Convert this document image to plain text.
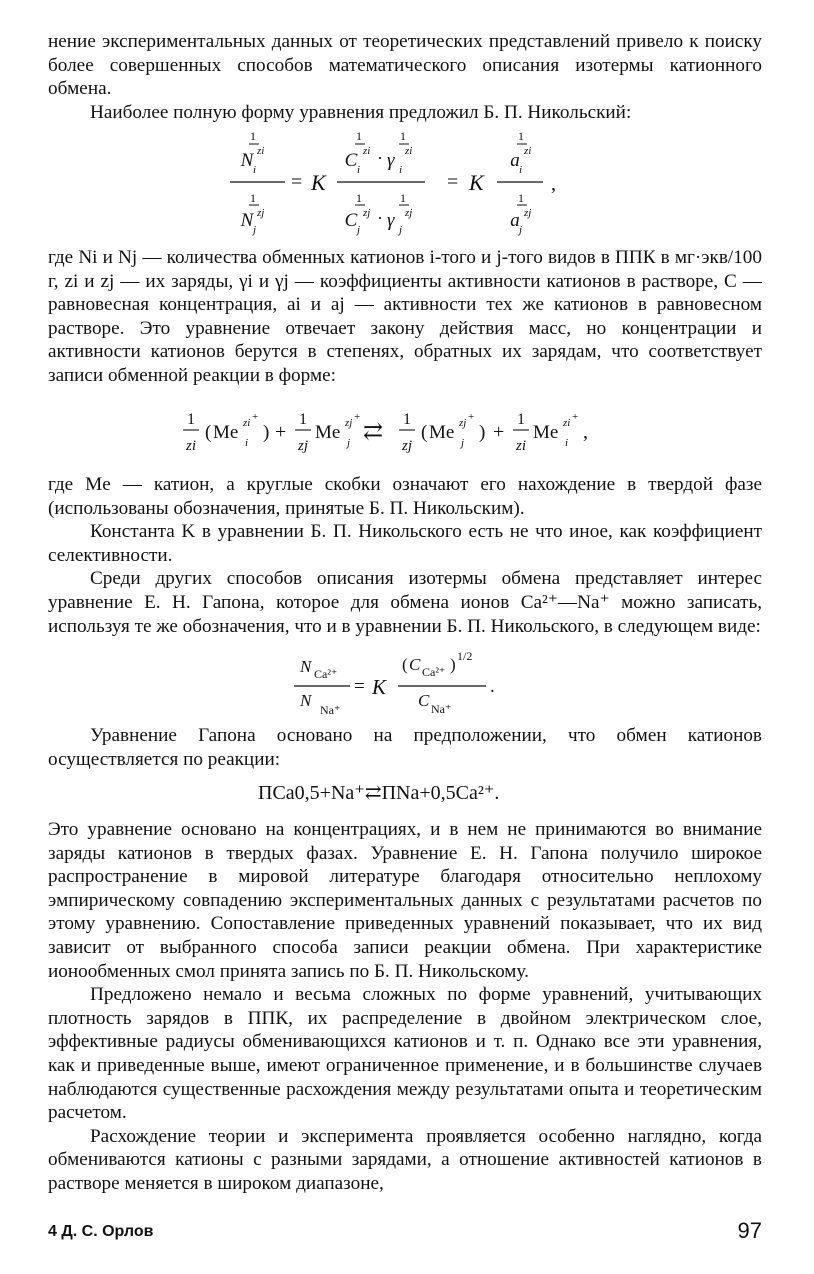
нение экспериментальных данных от теоретических представлений привело к поиску более совершенных способов математического описания изотермы катионного обмена.

Наиболее полную форму уравнения предложил Б. П. Никольский:

1
N zi
i
1
N zj
j
= K
1	1
C zi
i
· γ zi
i
1	1
C zj
j
· γ zj
j
= K
1
a zi
i
1
a zj
j
,

где Ni и Nj — количества обменных катионов i-того и j-того видов в ППК в мг·экв/100 г, zi и zj — их заряды, γi и γj — коэффициенты активности катионов в растворе, C — равновесная концентрация, ai и aj — активности тех же катионов в равновесном растворе. Это уравнение отвечает закону действия масс, но концентрации и активности катионов берутся в степенях, обратных их зарядам, что соответствует записи обменной реакции в форме:

1
zi
( Me zi +
i ) +
1
zj
Me zj +
j ⇄ 1
zj
( Me zj +
j ) +
1
zi
Me zi +
i ,

где Me — катион, а круглые скобки означают его нахождение в твердой фазе (использованы обозначения, принятые Б. П. Никольским).

Константа K в уравнении Б. П. Никольского есть не что иное, как коэффициент селективности.

Среди других способов описания изотермы обмена представляет интерес уравнение Е. Н. Гапона, которое для обмена ионов Ca²⁺—Na⁺ можно записать, используя те же обозначения, что и в уравнении Б. П. Никольского, в следующем виде:

N Ca²⁺
N Na⁺
= K
( C Ca²⁺ ) 1/2
C Na⁺
.

Уравнение Гапона основано на предположении, что обмен катионов осуществляется по реакции:

ПCa0,5+Na⁺⇄ПNa+0,5Ca²⁺.

Это уравнение основано на концентрациях, и в нем не принимаются во внимание заряды катионов в твердых фазах. Уравнение Е. Н. Гапона получило широкое распространение в мировой литературе благодаря относительно неплохому эмпирическому совпадению экспериментальных данных с результатами расчетов по этому уравнению. Сопоставление приведенных уравнений показывает, что их вид зависит от выбранного способа записи реакции обмена. При характеристике ионообменных смол принята запись по Б. П. Никольскому.

Предложено немало и весьма сложных по форме уравнений, учитывающих плотность зарядов в ППК, их распределение в двойном электрическом слое, эффективные радиусы обменивающихся катионов и т. п. Однако все эти уравнения, как и приведенные выше, имеют ограниченное применение, и в большинстве случаев наблюдаются существенные расхождения между результатами опыта и теоретическим расчетом.

Расхождение теории и эксперимента проявляется особенно наглядно, когда обмениваются катионы с разными зарядами, а отношение активностей катионов в растворе меняется в широком диапазоне,

4 Д. С. Орлов	97
